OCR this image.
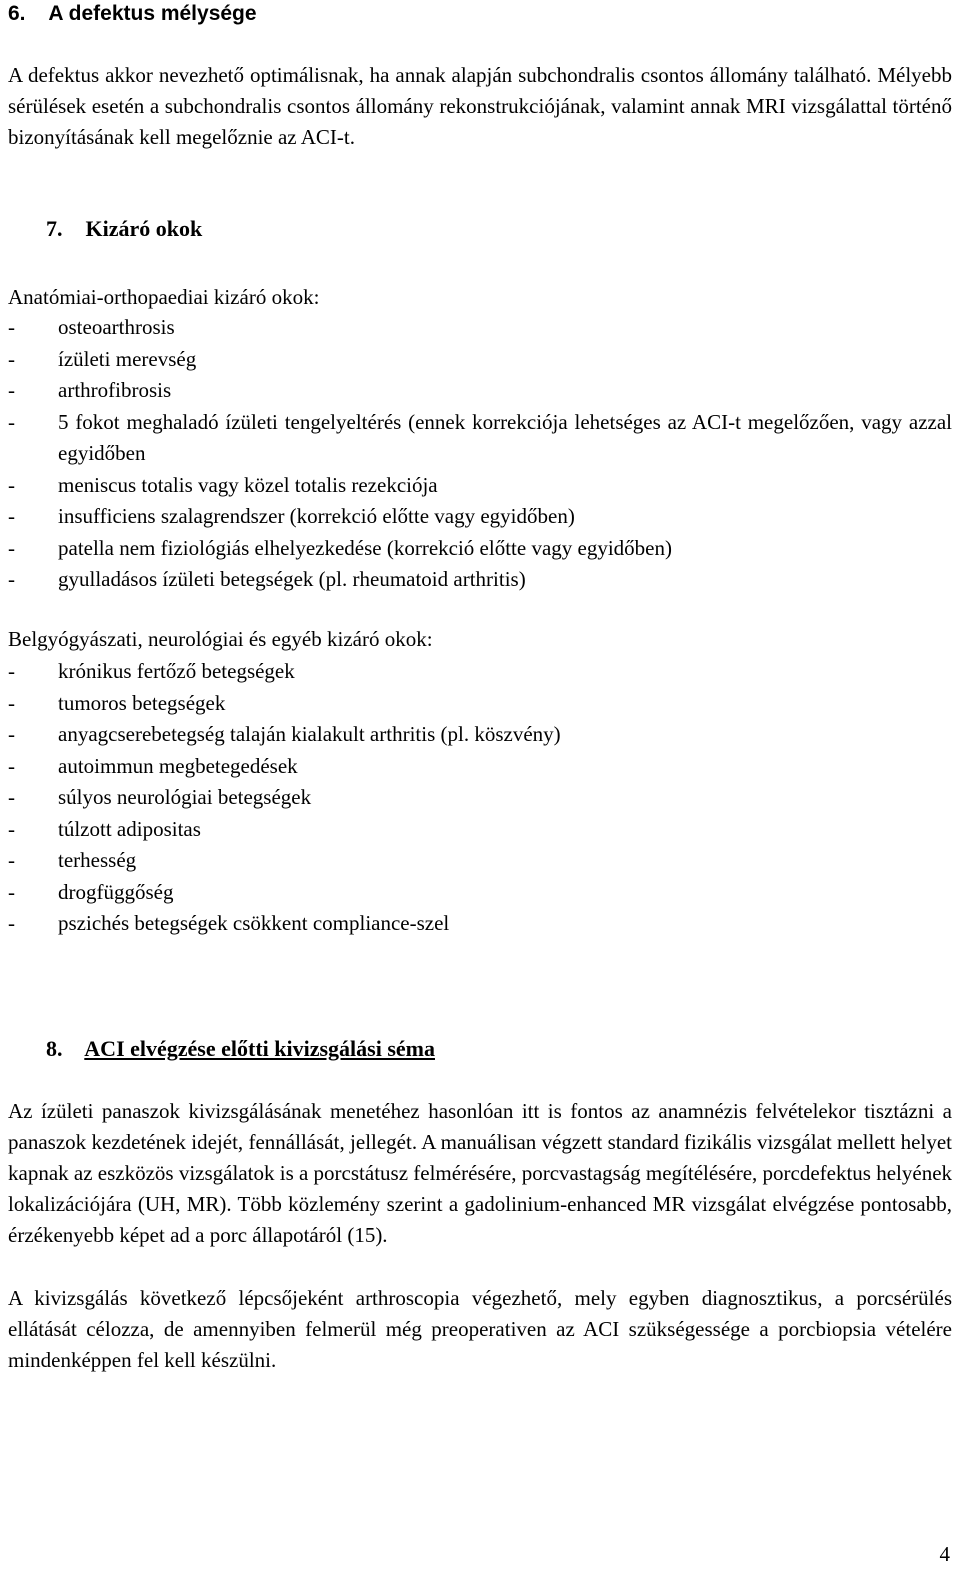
6. A defektus mélysége

A defektus akkor nevezhető optimálisnak, ha annak alapján subchondralis csontos állomány található. Mélyebb sérülések esetén a subchondralis csontos állomány rekonstrukciójának, valamint annak MRI vizsgálattal történő bizonyításának kell megelőznie az ACI-t.

7. Kizáró okok

Anatómiai-orthopaediai kizáró okok:

- osteoarthrosis
- ízületi merevség
- arthrofibrosis
- 5 fokot meghaladó ízületi tengelyeltérés (ennek korrekciója lehetséges az ACI-t megelőzően, vagy azzal egyidőben
- meniscus totalis vagy közel totalis rezekciója
- insufficiens szalagrendszer (korrekció előtte vagy egyidőben)
- patella nem fiziológiás elhelyezkedése (korrekció előtte vagy egyidőben)
- gyulladásos ízületi betegségek (pl. rheumatoid arthritis)

Belgyógyászati, neurológiai és egyéb kizáró okok:

- krónikus fertőző betegségek
- tumoros betegségek
- anyagcserebetegség talaján kialakult arthritis (pl. köszvény)
- autoimmun megbetegedések
- súlyos neurológiai betegségek
- túlzott adipositas
- terhesség
- drogfüggőség
- pszichés betegségek csökkent compliance-szel
8. ACI elvégzése előtti kivizsgálási séma

Az ízületi panaszok kivizsgálásának menetéhez hasonlóan itt is fontos az anamnézis felvételekor tisztázni a panaszok kezdetének idejét, fennállását, jellegét. A manuálisan végzett standard fizikális vizsgálat mellett helyet kapnak az eszközös vizsgálatok is a porcstátusz felmérésére, porcvastagság megítélésére, porcdefektus helyének lokalizációjára (UH, MR). Több közlemény szerint a gadolinium-enhanced MR vizsgálat elvégzése pontosabb, érzékenyebb képet ad a porc állapotáról (15).

A kivizsgálás következő lépcsőjeként arthroscopia végezhető, mely egyben diagnosztikus, a porcsérülés ellátását célozza, de amennyiben felmerül még preoperativen az ACI szükségessége a porcbiopsia vételére mindenképpen fel kell készülni.

4
